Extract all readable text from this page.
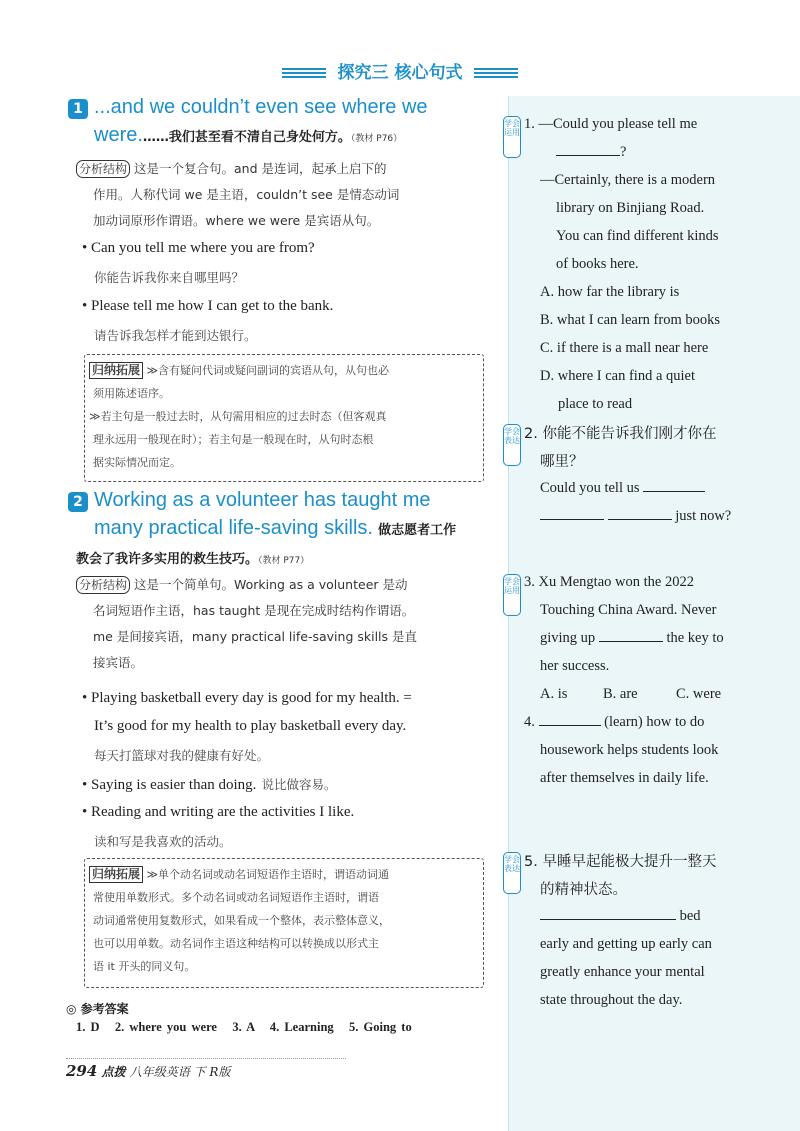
探究三 核心句式
1 ...and we couldn’t even see where we
were.……我们甚至看不清自己身处何方。（教材 P76）
分析结构 这是一个复合句。and 是连词，起承上启下的
作用。人称代词 we 是主语，couldn’t see 是情态动词
加动词原形作谓语。where we were 是宾语从句。
• Can you tell me where you are from?
你能告诉我你来自哪里吗？
• Please tell me how I can get to the bank.
请告诉我怎样才能到达银行。
归纳拓展 ≫含有疑问代词或疑问副词的宾语从句，从句也必
须用陈述语序。
≫若主句是一般过去时，从句需用相应的过去时态（但客观真
理永远用一般现在时）；若主句是一般现在时，从句时态根
据实际情况而定。
2 Working as a volunteer has taught me
many practical life-saving skills. 做志愿者工作
教会了我许多实用的救生技巧。（教材 P77）
分析结构 这是一个简单句。Working as a volunteer 是动
名词短语作主语，has taught 是现在完成时结构作谓语。
me 是间接宾语，many practical life-saving skills 是直
接宾语。
• Playing basketball every day is good for my health. =
It’s good for my health to play basketball every day.
每天打篮球对我的健康有好处。
• Saying is easier than doing. 说比做容易。
• Reading and writing are the activities I like.
读和写是我喜欢的活动。
归纳拓展 ≫单个动名词或动名词短语作主语时，谓语动词通
常使用单数形式。多个动名词或动名词短语作主语时，谓语
动词通常使用复数形式，如果看成一个整体，表示整体意义，
也可以用单数。动名词作主语这种结构可以转换成以形式主
语 it 开头的同义句。
◎ 参考答案
1. D   2. where you were   3. A   4. Learning   5. Going to
294 点拨 八年级英语 下 R版
学会运用
1. —Could you please tell me
?
—Certainly, there is a modern
library on Binjiang Road.
You can find different kinds
of books here.
A. how far the library is
B. what I can learn from books
C. if there is a mall near here
D. where I can find a quiet
place to read
学会表达 2. 你能不能告诉我们刚才你在
哪里？
Could you tell us
just now?
学会运用
3. Xu Mengtao won the 2022
Touching China Award. Never
giving up	the key to
her success.
A. is B. are	C. were
4.	(learn) how to do
housework helps students look
after themselves in daily life.
学会表达 5. 早睡早起能极大提升一整天
的精神状态。
bed
early and getting up early can
greatly enhance your mental
state throughout the day.
